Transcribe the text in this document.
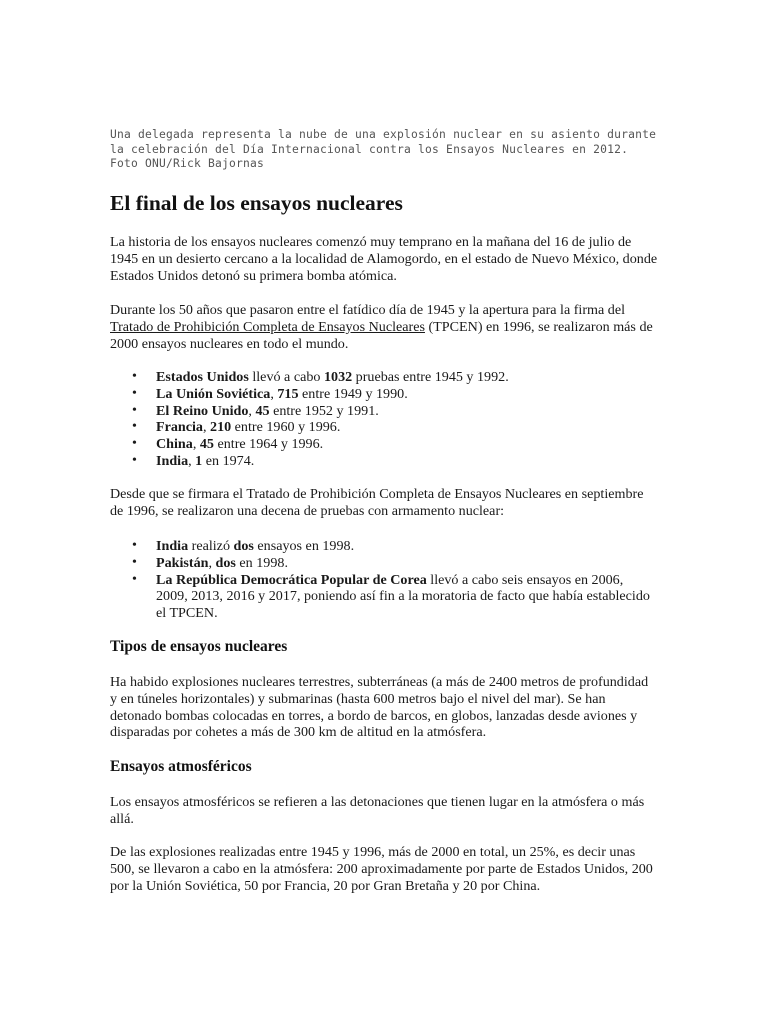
Una delegada representa la nube de una explosión nuclear en su asiento durante la celebración del Día Internacional contra los Ensayos Nucleares en 2012. Foto ONU/Rick Bajornas

El final de los ensayos nucleares

La historia de los ensayos nucleares comenzó muy temprano en la mañana del 16 de julio de 1945 en un desierto cercano a la localidad de Alamogordo, en el estado de Nuevo México, donde Estados Unidos detonó su primera bomba atómica.

Durante los 50 años que pasaron entre el fatídico día de 1945 y la apertura para la firma del Tratado de Prohibición Completa de Ensayos Nucleares (TPCEN) en 1996, se realizaron más de 2000 ensayos nucleares en todo el mundo.

• Estados Unidos llevó a cabo 1032 pruebas entre 1945 y 1992.
• La Unión Soviética, 715 entre 1949 y 1990.
• El Reino Unido, 45 entre 1952 y 1991.
• Francia, 210 entre 1960 y 1996.
• China, 45 entre 1964 y 1996.
• India, 1 en 1974.

Desde que se firmara el Tratado de Prohibición Completa de Ensayos Nucleares en septiembre de 1996, se realizaron una decena de pruebas con armamento nuclear:

• India realizó dos ensayos en 1998.
• Pakistán, dos en 1998.
• La República Democrática Popular de Corea llevó a cabo seis ensayos en 2006, 2009, 2013, 2016 y 2017, poniendo así fin a la moratoria de facto que había establecido el TPCEN.
Tipos de ensayos nucleares

Ha habido explosiones nucleares terrestres, subterráneas (a más de 2400 metros de profundidad y en túneles horizontales) y submarinas (hasta 600 metros bajo el nivel del mar). Se han detonado bombas colocadas en torres, a bordo de barcos, en globos, lanzadas desde aviones y disparadas por cohetes a más de 300 km de altitud en la atmósfera.

Ensayos atmosféricos

Los ensayos atmosféricos se refieren a las detonaciones que tienen lugar en la atmósfera o más allá.

De las explosiones realizadas entre 1945 y 1996, más de 2000 en total, un 25%, es decir unas 500, se llevaron a cabo en la atmósfera: 200 aproximadamente por parte de Estados Unidos, 200 por la Unión Soviética, 50 por Francia, 20 por Gran Bretaña y 20 por China.
